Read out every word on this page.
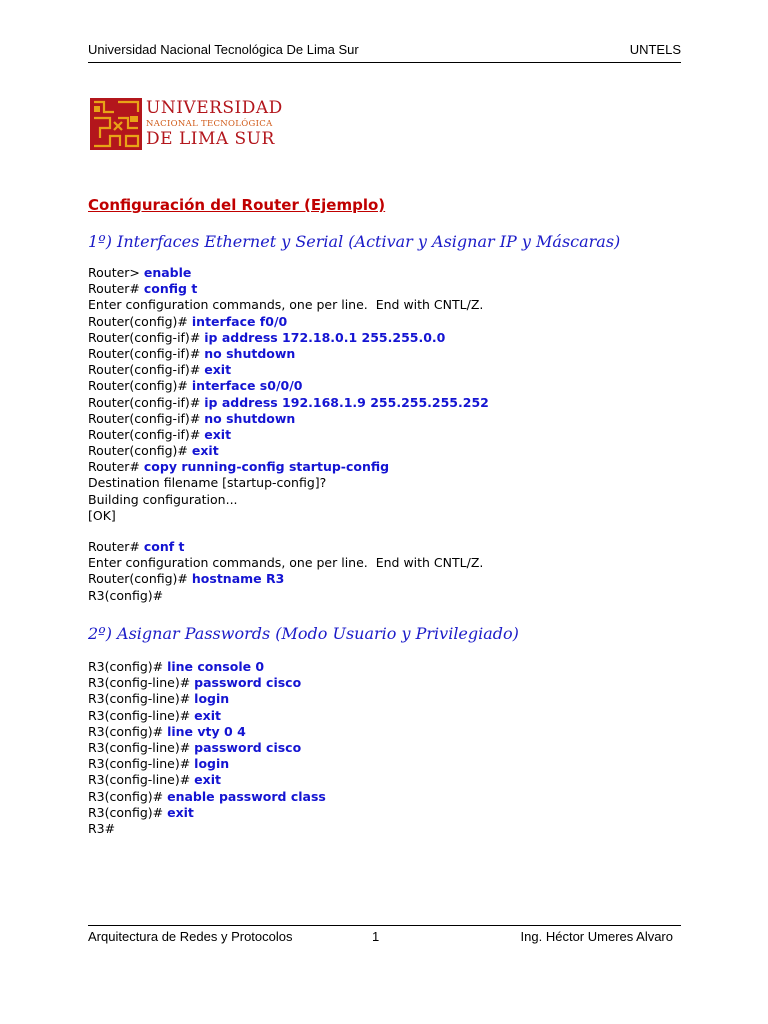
Universidad Nacional Tecnológica De Lima Sur	UNTELS
UNIVERSIDAD
NACIONAL TECNOLÓGICA
DE LIMA SUR
Configuración del Router (Ejemplo)
1º) Interfaces Ethernet y Serial (Activar y Asignar IP y Máscaras)
Router> enable
Router# config t
Enter configuration commands, one per line.  End with CNTL/Z.
Router(config)# interface f0/0
Router(config-if)# ip address 172.18.0.1 255.255.0.0
Router(config-if)# no shutdown
Router(config-if)# exit
Router(config)# interface s0/0/0
Router(config-if)# ip address 192.168.1.9 255.255.255.252
Router(config-if)# no shutdown
Router(config-if)# exit
Router(config)# exit
Router# copy running-config startup-config
Destination filename [startup-config]?
Building configuration...
[OK]
Router# conf t
Enter configuration commands, one per line.  End with CNTL/Z.
Router(config)# hostname R3
R3(config)#
2º) Asignar Passwords (Modo Usuario y Privilegiado)
R3(config)# line console 0
R3(config-line)# password cisco
R3(config-line)# login
R3(config-line)# exit
R3(config)# line vty 0 4
R3(config-line)# password cisco
R3(config-line)# login
R3(config-line)# exit
R3(config)# enable password class
R3(config)# exit
R3#
Arquitectura de Redes y Protocolos	1	Ing. Héctor Umeres Alvaro
